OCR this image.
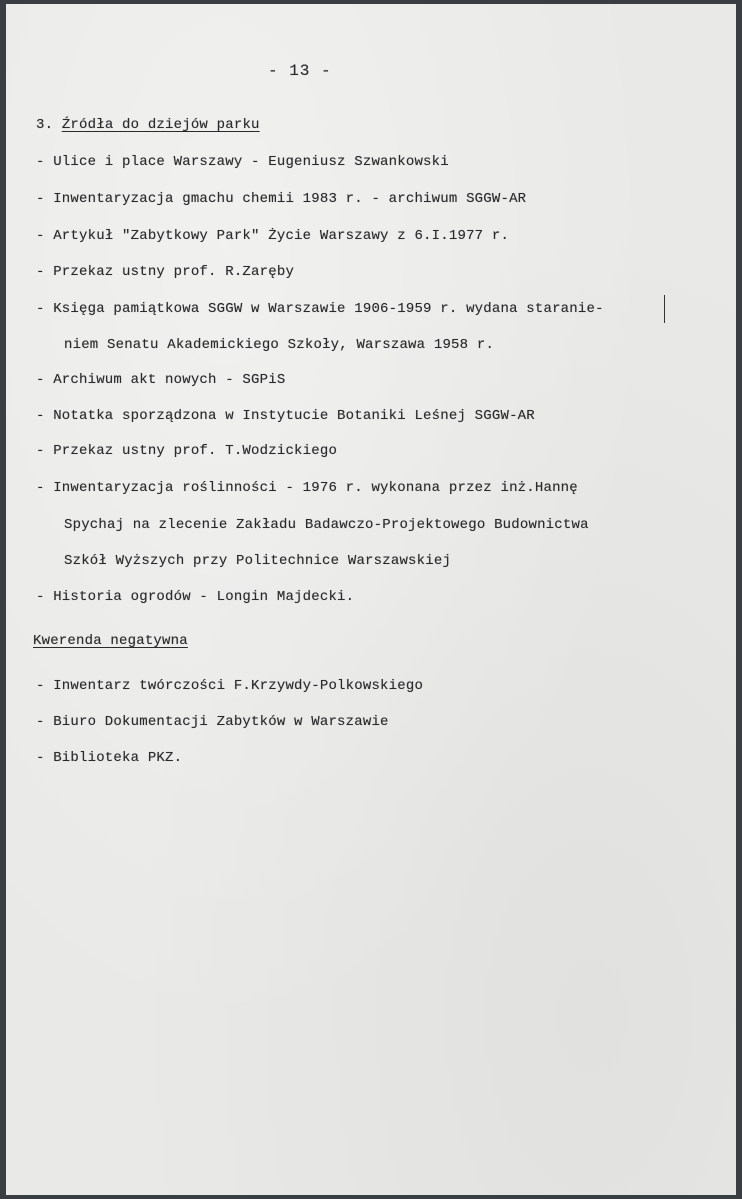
- 13 -
3. Źródła do dziejów parku
- Ulice i place Warszawy - Eugeniusz Szwankowski
- Inwentaryzacja gmachu chemii 1983 r. - archiwum SGGW-AR
- Artykuł "Zabytkowy Park" Życie Warszawy z 6.I.1977 r.
- Przekaz ustny prof. R.Zaręby
- Księga pamiątkowa SGGW w Warszawie 1906-1959 r. wydana staranie-
niem Senatu Akademickiego Szkoły, Warszawa 1958 r.
- Archiwum akt nowych - SGPiS
- Notatka sporządzona w Instytucie Botaniki Leśnej SGGW-AR
- Przekaz ustny prof. T.Wodzickiego
- Inwentaryzacja roślinności - 1976 r. wykonana przez inż.Hannę
Spychaj na zlecenie Zakładu Badawczo-Projektowego Budownictwa
Szkół Wyższych przy Politechnice Warszawskiej
- Historia ogrodów - Longin Majdecki.
Kwerenda negatywna
- Inwentarz twórczości F.Krzywdy-Polkowskiego
- Biuro Dokumentacji Zabytków w Warszawie
- Biblioteka PKZ.
